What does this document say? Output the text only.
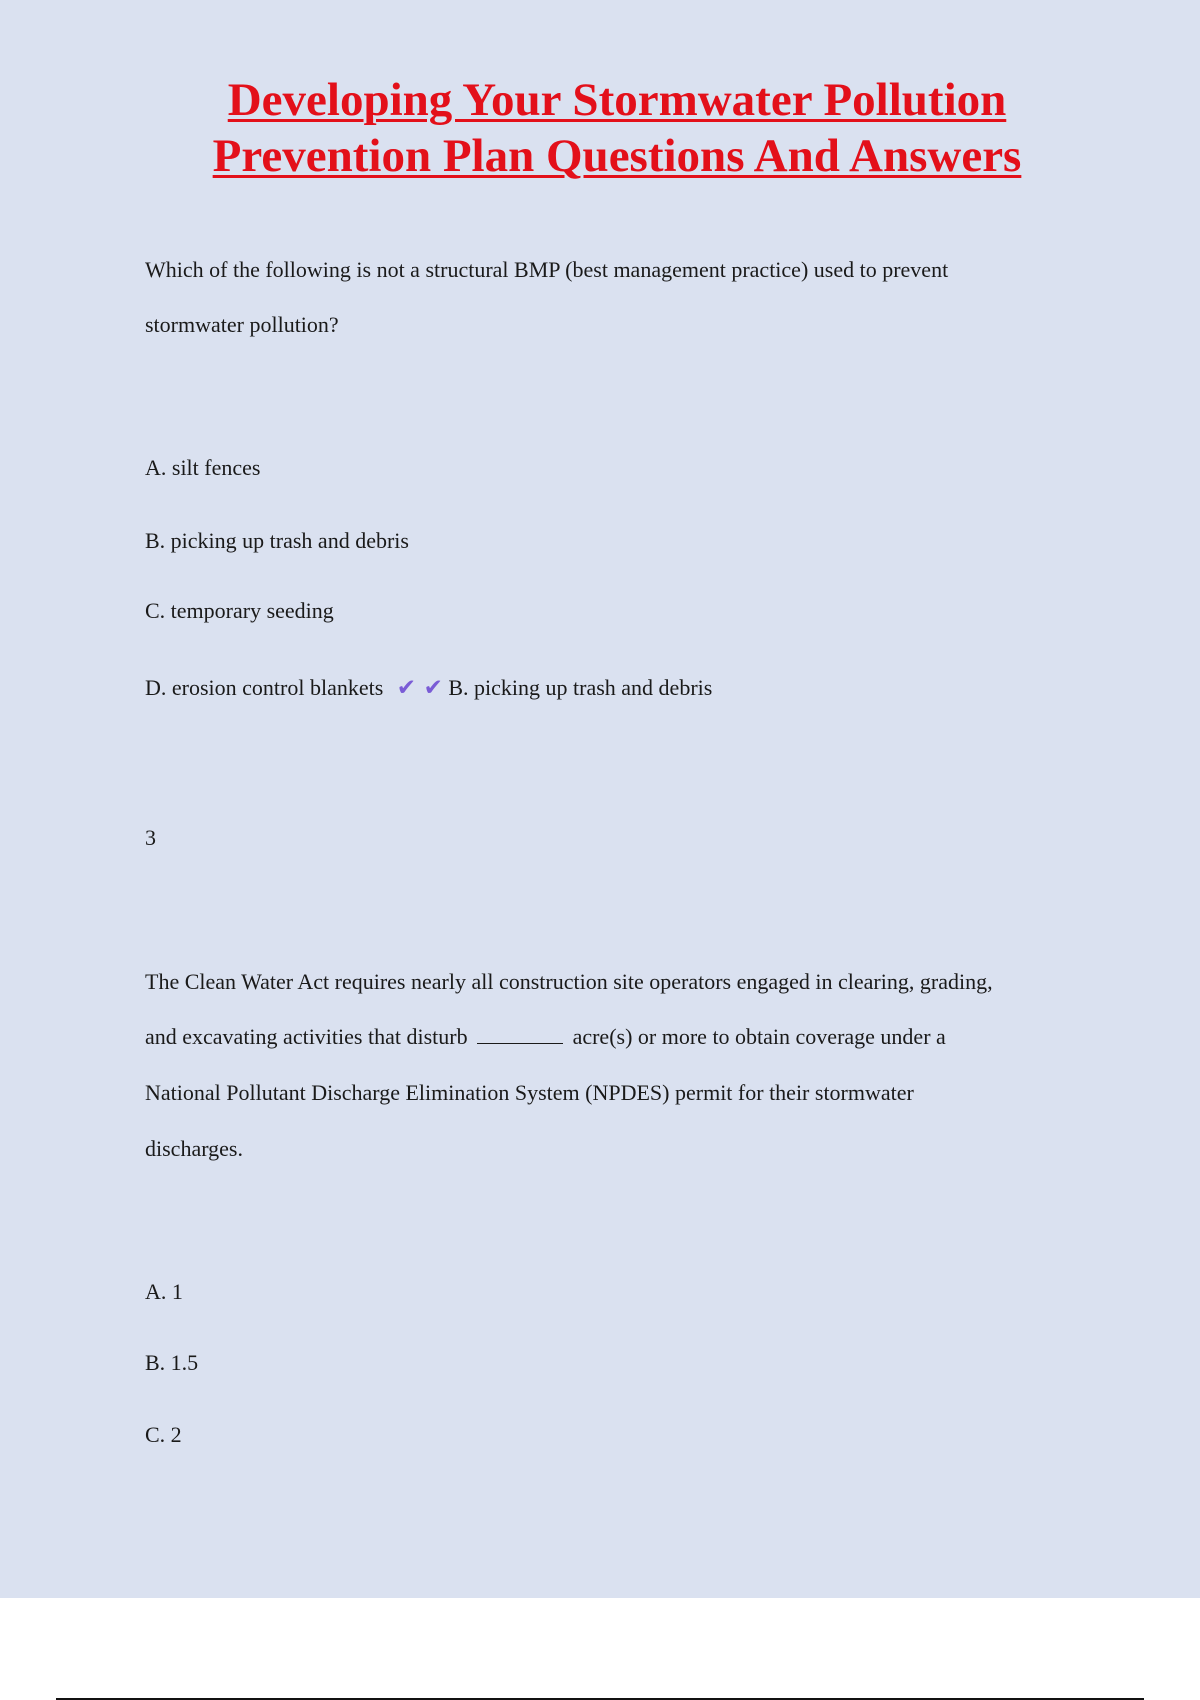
Developing Your Stormwater Pollution
Prevention Plan Questions And Answers
Which of the following is not a structural BMP (best management practice) used to prevent
stormwater pollution?
A. silt fences
B. picking up trash and debris
C. temporary seeding
D. erosion control blankets ✔ ✔ B. picking up trash and debris
3
The Clean Water Act requires nearly all construction site operators engaged in clearing, grading,
and excavating activities that disturb	acre(s) or more to obtain coverage under a
National Pollutant Discharge Elimination System (NPDES) permit for their stormwater
discharges.
A. 1
B. 1.5
C. 2
